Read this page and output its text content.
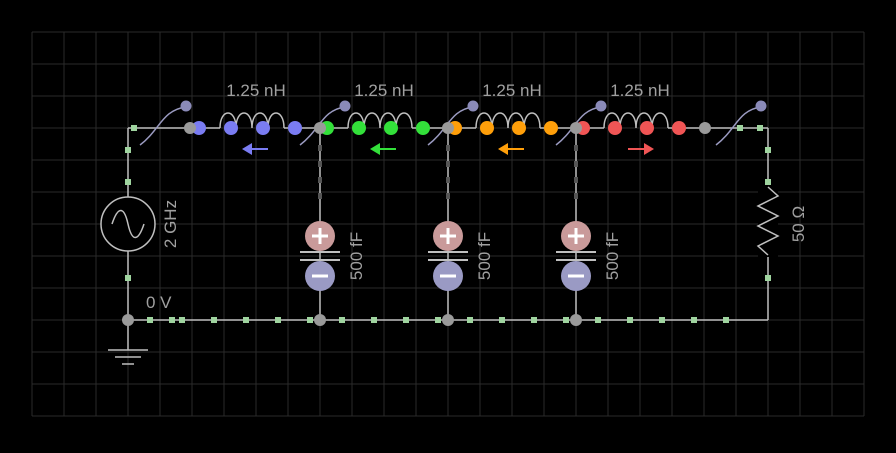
1.25 nH	1.25 nH	1.25 nH	1.25 nH
2 GHz
0 V
50 Ω
500 fF	500 fF	500 fF
